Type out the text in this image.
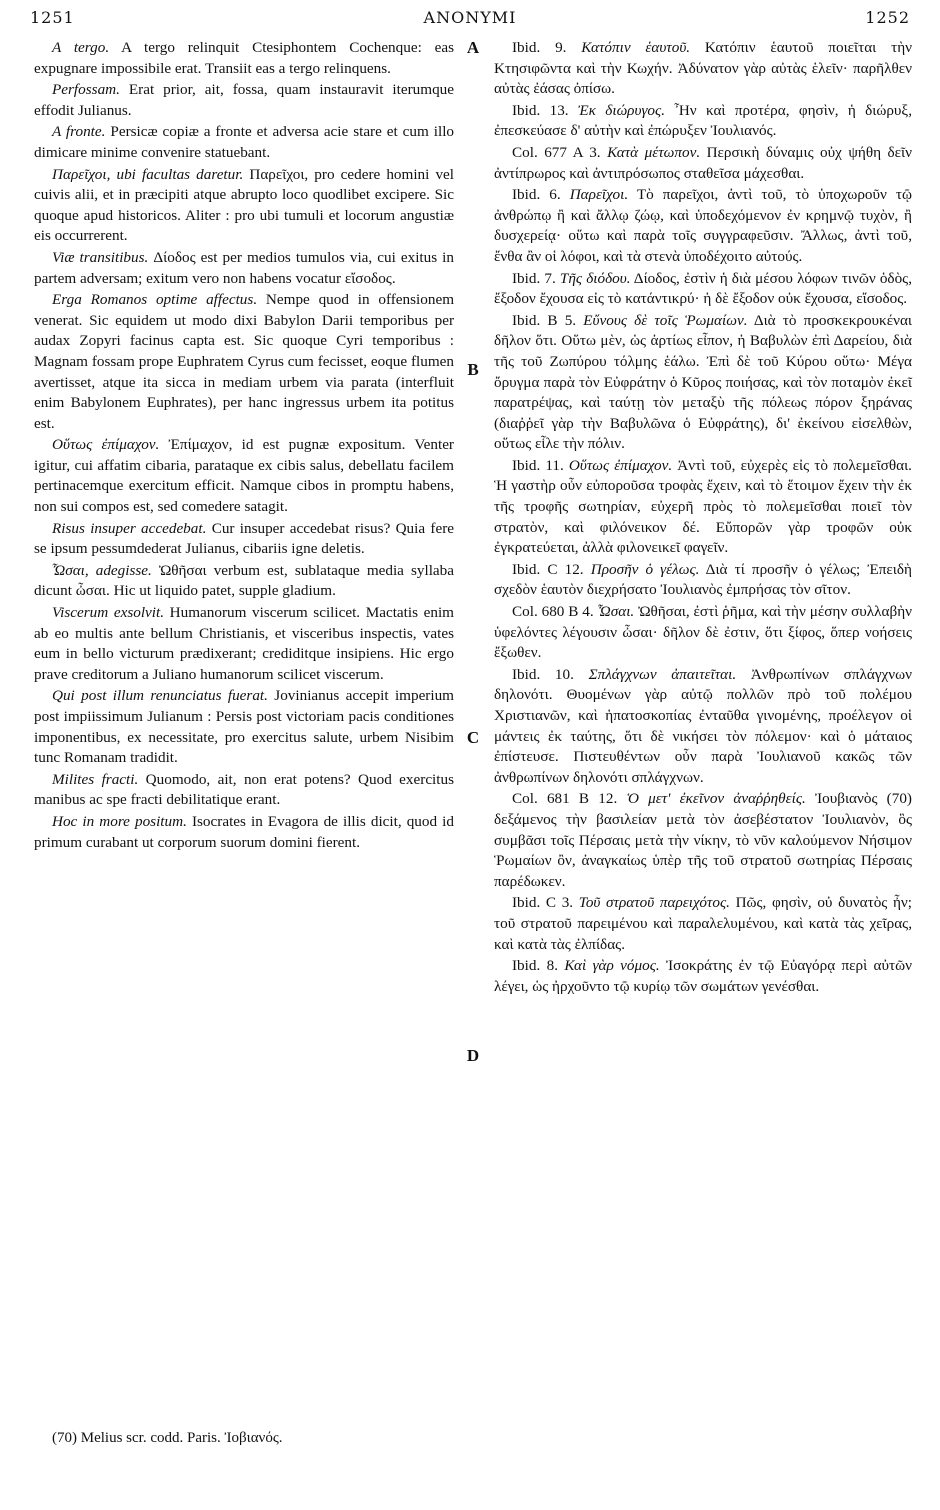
1251	ANONYMI	1252
A
B
C
D

A tergo. A tergo relinquit Ctesiphontem Cochenque: eas expugnare impossibile erat. Transiit eas a tergo relinquens.

Perfossam. Erat prior, ait, fossa, quam instauravit iterumque effodit Julianus.

A fronte. Persicæ copiæ a fronte et adversa acie stare et cum illo dimicare minime convenire statuebant.

Παρεῖχοι, ubi facultas daretur. Παρεῖχοι, pro cedere homini vel cuivis alii, et in præcipiti atque abrupto loco quodlibet excipere. Sic quoque apud historicos. Aliter : pro ubi tumuli et locorum angustiæ eis occurrerent.

Viæ transitibus. Δίοδος est per medios tumulos via, cui exitus in partem adversam; exitum vero non habens vocatur εἴσοδος.

Erga Romanos optime affectus. Nempe quod in offensionem venerat. Sic equidem ut modo dixi Babylon Darii temporibus per audax Zopyri facinus capta est. Sic quoque Cyri temporibus : Magnam fossam prope Euphratem Cyrus cum fecisset, eoque flumen avertisset, atque ita sicca in mediam urbem via parata (interfluit enim Babylonem Euphrates), per hanc ingressus urbem ita potitus est.

Οὕτως ἐπίμαχον. Ἐπίμαχον, id est pugnæ expositum. Venter igitur, cui affatim cibaria, parataque ex cibis salus, debellatu facilem pertinacemque exercitum efficit. Namque cibos in promptu habens, non sui compos est, sed comedere satagit.

Risus insuper accedebat. Cur insuper accedebat risus? Quia fere se ipsum pessumdederat Julianus, cibariis igne deletis.

Ὦσαι, adegisse. Ὠθῆσαι verbum est, sublataque media syllaba dicunt ὦσαι. Hic ut liquido patet, supple gladium.

Viscerum exsolvit. Humanorum viscerum scilicet. Mactatis enim ab eo multis ante bellum Christianis, et visceribus inspectis, vates eum in bello victurum prædixerant; crediditque insipiens. Hic ergo prave creditorum a Juliano humanorum scilicet viscerum.

Qui post illum renunciatus fuerat. Jovinianus accepit imperium post impiissimum Julianum : Persis post victoriam pacis conditiones imponentibus, ex necessitate, pro exercitus salute, urbem Nisibim tunc Romanam tradidit.

Milites fracti. Quomodo, ait, non erat potens? Quod exercitus manibus ac spe fracti debilitatique erant.

Hoc in more positum. Isocrates in Evagora de illis dicit, quod id primum curabant ut corporum suorum domini fierent.

Ibid. 9. Κατόπιν ἑαυτοῦ. Κατόπιν ἑαυτοῦ ποιεῖται τὴν Κτησιφῶντα καὶ τὴν Κωχήν. Ἀδύνατον γὰρ αὐτὰς ἑλεῖν· παρῆλθεν αὐτὰς ἐάσας ὀπίσω.

Ibid. 13. Ἐκ διώρυγος. Ἦν καὶ προτέρα, φησὶν, ἡ διώρυξ, ἐπεσκεύασε δ' αὐτὴν καὶ ἐπώρυξεν Ἰουλιανός.

Col. 677 A 3. Κατὰ μέτωπον. Περσικὴ δύναμις οὐχ ψήθη δεῖν ἀντίπρωρος καὶ ἀντιπρόσωπος σταθεῖσα μάχεσθαι.

Ibid. 6. Παρεῖχοι. Τὸ παρεῖχοι, ἀντὶ τοῦ, τὸ ὑποχωροῦν τῷ ἀνθρώπῳ ἢ καὶ ἄλλῳ ζώῳ, καὶ ὑποδεχόμενον ἐν κρημνῷ τυχὸν, ἢ δυσχερείᾳ· οὕτω καὶ παρὰ τοῖς συγγραφεῦσιν. Ἄλλως, ἀντὶ τοῦ, ἔνθα ἂν οἱ λόφοι, καὶ τὰ στενὰ ὑποδέχοιτο αὐτούς.

Ibid. 7. Τῆς διόδου. Δίοδος, ἐστὶν ἡ διὰ μέσου λόφων τινῶν ὁδὸς, ἔξοδον ἔχουσα εἰς τὸ κατάντικρύ· ἡ δὲ ἔξοδον οὐκ ἔχουσα, εἴσοδος.

Ibid. B 5. Εὔνους δὲ τοῖς Ῥωμαίων. Διὰ τὸ προσκεκρουκέναι δῆλον ὅτι. Οὕτω μὲν, ὡς ἀρτίως εἶπον, ἡ Βαβυλὼν ἐπὶ Δαρείου, διὰ τῆς τοῦ Ζωπύρου τόλμης ἑάλω. Ἐπὶ δὲ τοῦ Κύρου οὕτω· Μέγα ὄρυγμα παρὰ τὸν Εὐφράτην ὁ Κῦρος ποιήσας, καὶ τὸν ποταμὸν ἐκεῖ παρατρέψας, καὶ ταύτῃ τὸν μεταξὺ τῆς πόλεως πόρον ξηράνας (διαῤῥεῖ γὰρ τὴν Βαβυλῶνα ὁ Εὐφράτης), δι' ἐκείνου εἰσελθὼν, οὕτως εἷλε τὴν πόλιν.

Ibid. 11. Οὕτως ἐπίμαχον. Ἀντὶ τοῦ, εὐχερὲς εἰς τὸ πολεμεῖσθαι. Ἡ γαστὴρ οὖν εὐποροῦσα τροφὰς ἔχειν, καὶ τὸ ἕτοιμον ἔχειν τὴν ἐκ τῆς τροφῆς σωτηρίαν, εὐχερῆ πρὸς τὸ πολεμεῖσθαι ποιεῖ τὸν στρατὸν, καὶ φιλόνεικον δέ. Εὔπορῶν γὰρ τροφῶν οὐκ ἐγκρατεύεται, ἀλλὰ φιλονεικεῖ φαγεῖν.

Ibid. C 12. Προσῆν ὁ γέλως. Διὰ τί προσῆν ὁ γέλως; Ἐπειδὴ σχεδὸν ἑαυτὸν διεχρήσατο Ἰουλιανὸς ἐμπρήσας τὸν σῖτον.

Col. 680 B 4. Ὦσαι. Ὠθῆσαι, ἐστὶ ῥῆμα, καὶ τὴν μέσην συλλαβὴν ὑφελόντες λέγουσιν ὦσαι· δῆλον δὲ ἐστιν, ὅτι ξίφος, ὅπερ νοήσεις ἔξωθεν.

Ibid. 10. Σπλάγχνων ἀπαιτεῖται. Ἀνθρωπίνων σπλάγχνων δηλονότι. Θυομένων γὰρ αὐτῷ πολλῶν πρὸ τοῦ πολέμου Χριστιανῶν, καὶ ἡπατοσκοπίας ἐνταῦθα γινομένης, προέλεγον οἱ μάντεις ἐκ ταύτης, ὅτι δὲ νικήσει τὸν πόλεμον· καὶ ὁ μάταιος ἐπίστευσε. Πιστευθέντων οὖν παρὰ Ἰουλιανοῦ κακῶς τῶν ἀνθρωπίνων δηλονότι σπλάγχνων.

Col. 681 B 12. Ὁ μετ' ἐκεῖνον ἀναῤῥηθείς. Ἰουβιανὸς (70) δεξάμενος τὴν βασιλείαν μετὰ τὸν ἀσεβέστατον Ἰουλιανὸν, ὃς συμβᾶσι τοῖς Πέρσαις μετὰ τὴν νίκην, τὸ νῦν καλούμενον Νήσιμον Ῥωμαίων ὂν, ἀναγκαίως ὑπὲρ τῆς τοῦ στρατοῦ σωτηρίας Πέρσαις παρέδωκεν.

Ibid. C 3. Τοῦ στρατοῦ παρειχότος. Πῶς, φησὶν, οὐ δυνατὸς ἦν; τοῦ στρατοῦ παρειμένου καὶ παραλελυμένου, καὶ κατὰ τὰς χεῖρας, καὶ κατὰ τὰς ἐλπίδας.

Ibid. 8. Καὶ γὰρ νόμος. Ἰσοκράτης ἐν τῷ Εὐαγόρᾳ περὶ αὐτῶν λέγει, ὡς ἠρχοῦντο τῷ κυρίῳ τῶν σωμάτων γενέσθαι.

(70) Melius scr. codd. Paris. Ἰοβιανός.
